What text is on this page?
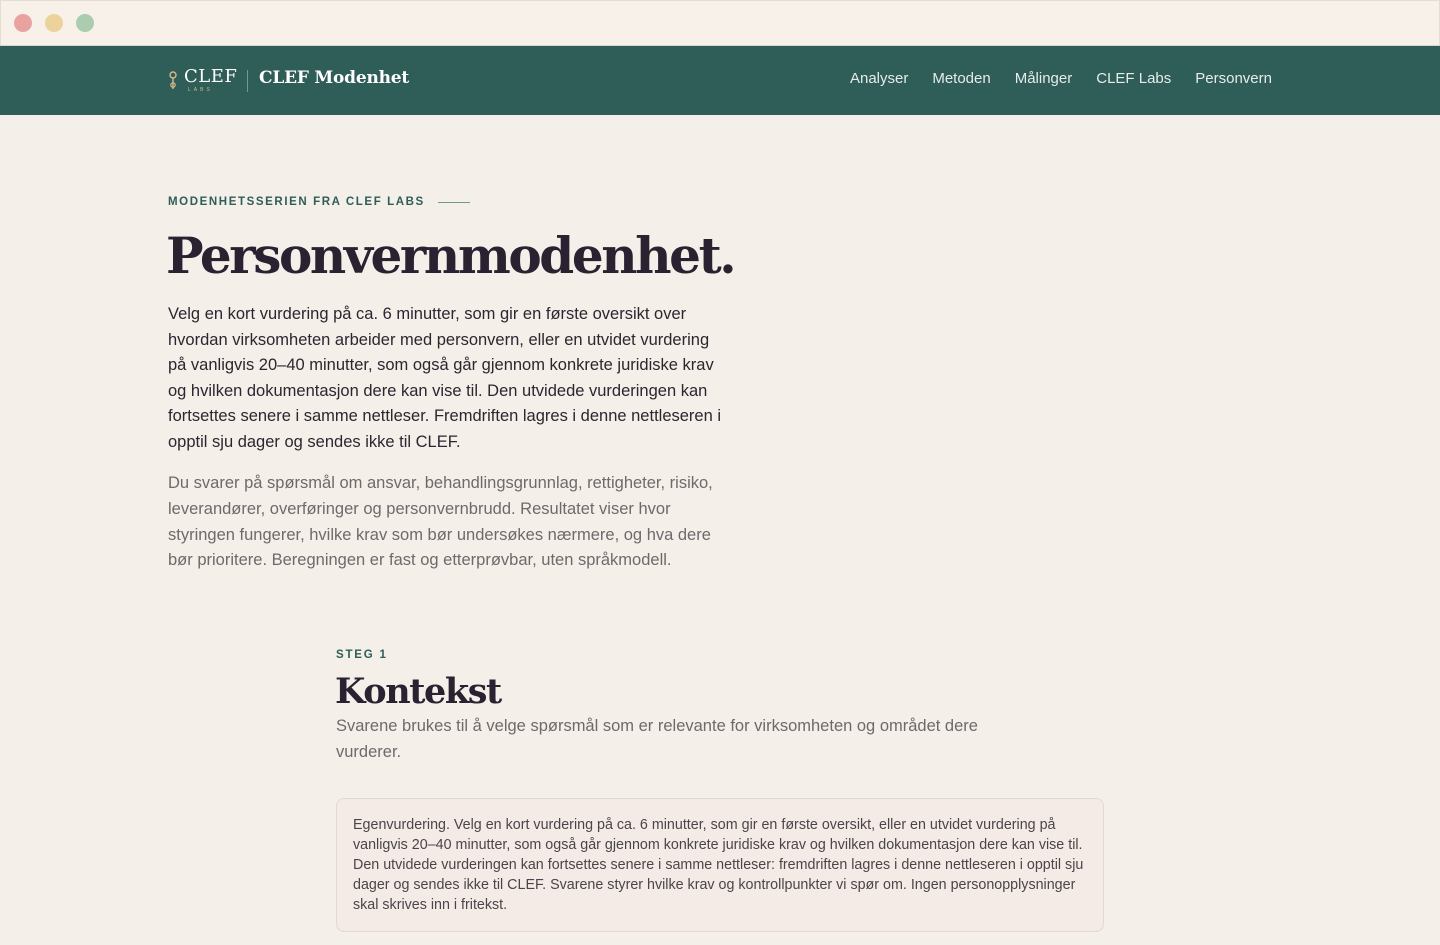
CLEF
LABS
CLEF Modenhet	Analyser Metoden Målinger CLEF Labs Personvern
MODENHETSSERIEN FRA CLEF LABS
Personvernmodenhet.

Velg en kort vurdering på ca. 6 minutter, som gir en første oversikt over hvordan virksomheten arbeider med personvern, eller en utvidet vurdering på vanligvis 20–40 minutter, som også går gjennom konkrete juridiske krav og hvilken dokumentasjon dere kan vise til. Den utvidede vurderingen kan fortsettes senere i samme nettleser. Fremdriften lagres i denne nettleseren i opptil sju dager og sendes ikke til CLEF.

Du svarer på spørsmål om ansvar, behandlingsgrunnlag, rettigheter, risiko, leverandører, overføringer og personvernbrudd. Resultatet viser hvor styringen fungerer, hvilke krav som bør undersøkes nærmere, og hva dere bør prioritere. Beregningen er fast og etterprøvbar, uten språkmodell.

STEG 1
Kontekst

Svarene brukes til å velge spørsmål som er relevante for virksomheten og området dere vurderer.

Egenvurdering. Velg en kort vurdering på ca. 6 minutter, som gir en første oversikt, eller en utvidet vurdering på vanligvis 20–40 minutter, som også går gjennom konkrete juridiske krav og hvilken dokumentasjon dere kan vise til. Den utvidede vurderingen kan fortsettes senere i samme nettleser: fremdriften lagres i denne nettleseren i opptil sju dager og sendes ikke til CLEF. Svarene styrer hvilke krav og kontrollpunkter vi spør om. Ingen personopplysninger skal skrives inn i fritekst.
